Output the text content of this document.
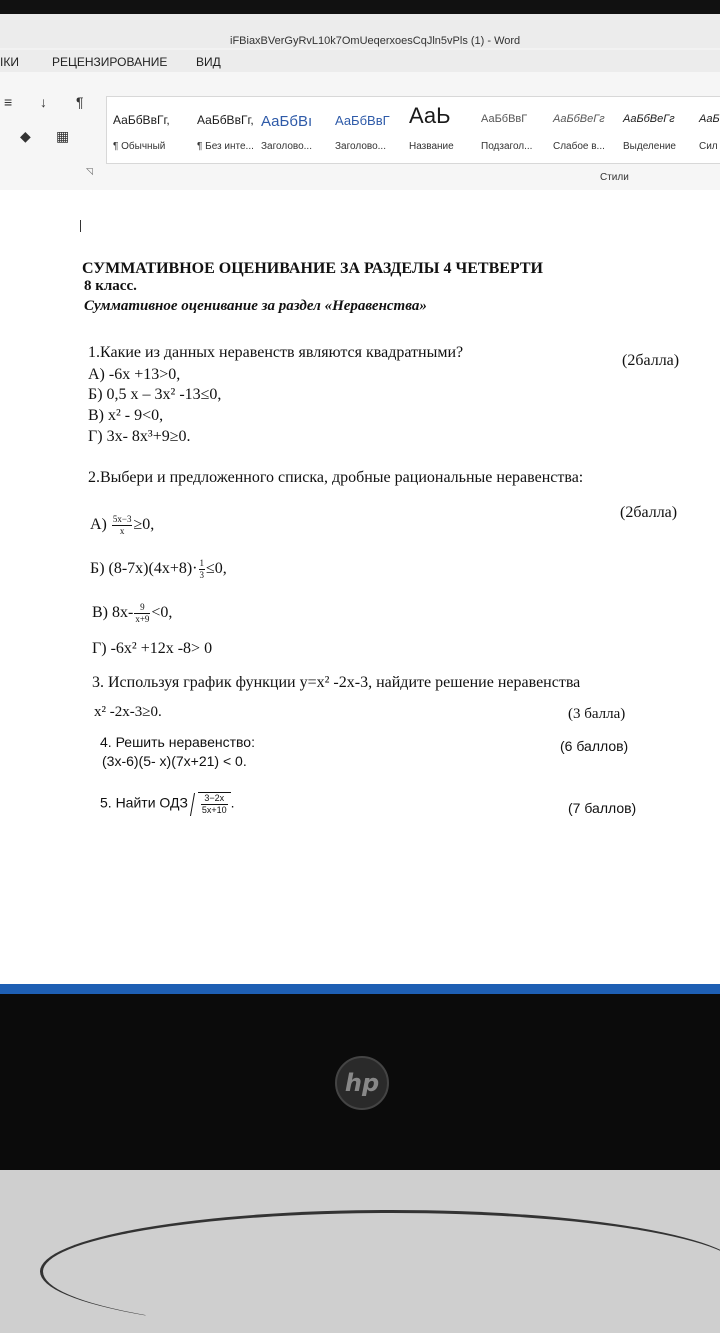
iFBiaxBVerGyRvL10k7OmUeqerxoesCqJln5vPls (1) - Word
ІКИ	РЕЦЕНЗИРОВАНИЕ ВИД
≡ ↓ ¶
◆ ▦
АаБбВвГг,
¶ Обычный
АаБбВвГг,
¶ Без инте...
АаБбВı
Заголово...
АаБбВвГ
Заголово...
АаЬ
Название
АаБбВвГ
Подзагол...
АаБбВеГг
Слабое в...
АаБбВеГг
Выделение
АаБ
Сил
◹
Стили
СУММАТИВНОЕ ОЦЕНИВАНИЕ ЗА РАЗДЕЛЫ 4 ЧЕТВЕРТИ
8 класс.
Суммативное оценивание за раздел «Неравенства»
1.Какие из данных неравенств являются квадратными?	(2балла)
А) -6х +13>0,
Б) 0,5 х – 3х² -13≤0,
В) х² - 9<0,
Г) 3х- 8х³+9≥0.
2.Выбери и предложенного списка, дробные рациональные неравенства:
(2балла)
$А) \frac{5х-3}{х} \ge 0$,
Б) $(8-7х)(4х+8)\cdot \frac{1}{3} \le 0$,
В) $8х- \frac{9}{х+9} <0$,
Г) -6х² +12х -8> 0
3. Используя график функции у=х² -2х-3, найдите решение неравенства
х² -2х-3≥0.	(3 балла)
4. Решить неравенство:
(3x-6)(5- x)(7x+21) < 0.
(6 баллов)
5. Найти ОДЗ $\frac{3-2х}{5х+10}$ .	(7 баллов)
hp
